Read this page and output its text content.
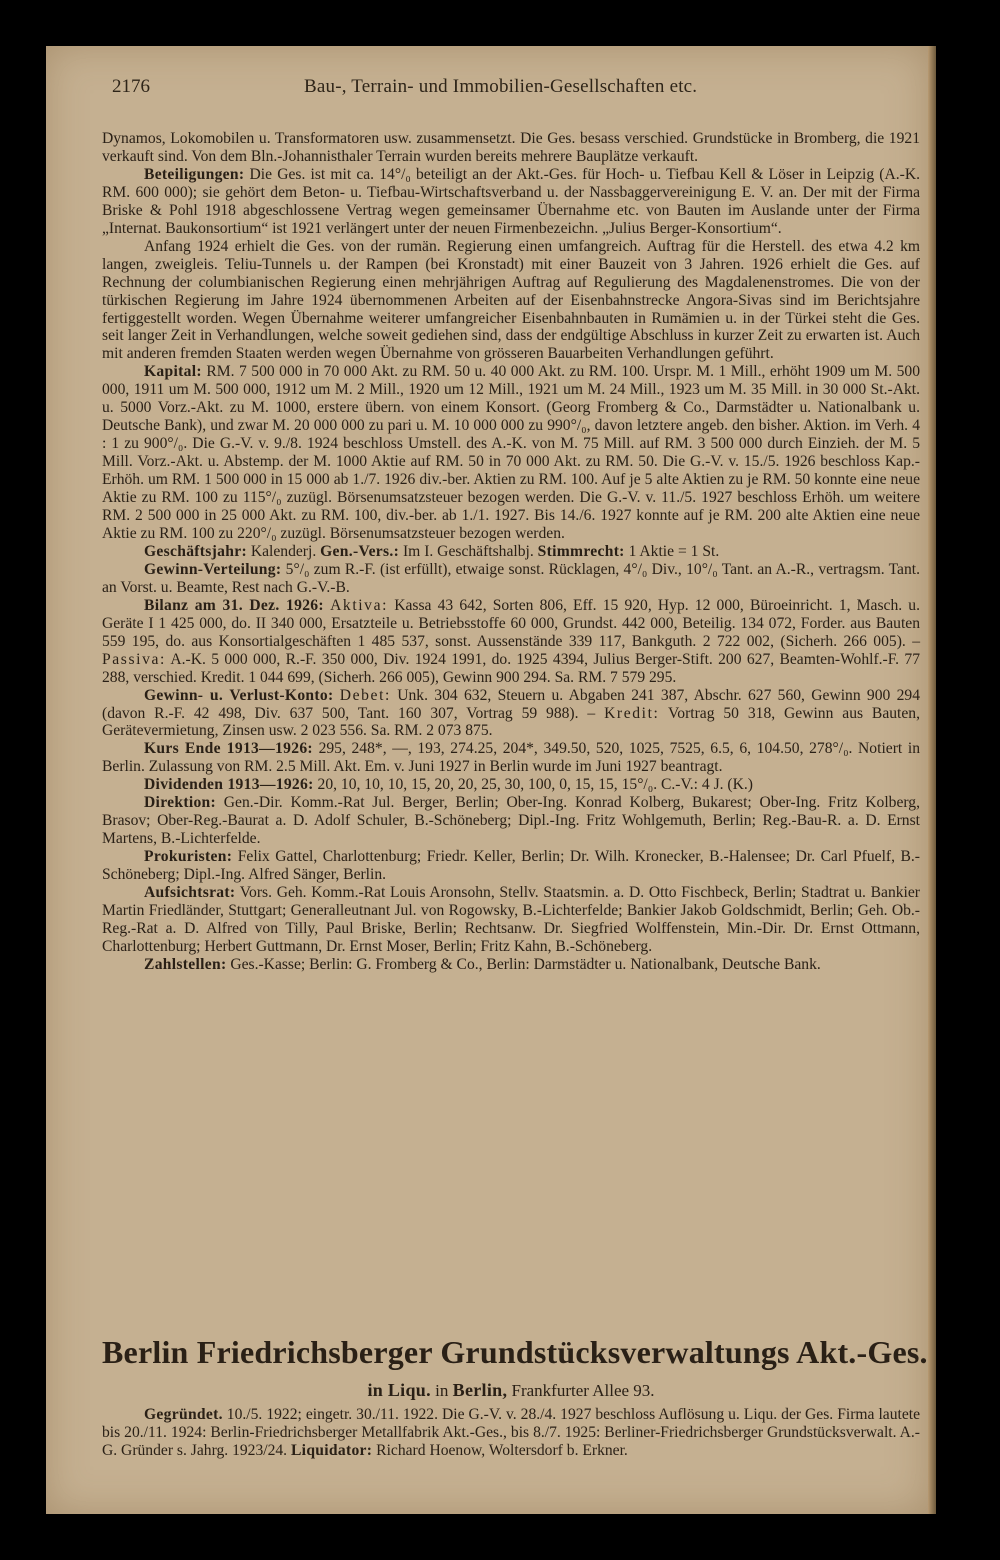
2176	Bau-, Terrain- und Immobilien-Gesellschaften etc.

Dynamos, Lokomobilen u. Transformatoren usw. zusammensetzt. Die Ges. besass verschied. Grundstücke in Bromberg, die 1921 verkauft sind. Von dem Bln.-Johannisthaler Terrain wurden bereits mehrere Bauplätze verkauft.

Beteiligungen: Die Ges. ist mit ca. 14°/₀ beteiligt an der Akt.-Ges. für Hoch- u. Tiefbau Kell & Löser in Leipzig (A.-K. RM. 600 000); sie gehört dem Beton- u. Tiefbau-Wirtschaftsverband u. der Nassbaggervereinigung E. V. an. Der mit der Firma Briske & Pohl 1918 abgeschlossene Vertrag wegen gemeinsamer Übernahme etc. von Bauten im Auslande unter der Firma „Internat. Baukonsortium“ ist 1921 verlängert unter der neuen Firmenbezeichn. „Julius Berger-Konsortium“.

Anfang 1924 erhielt die Ges. von der rumän. Regierung einen umfangreich. Auftrag für die Herstell. des etwa 4.2 km langen, zweigleis. Teliu-Tunnels u. der Rampen (bei Kronstadt) mit einer Bauzeit von 3 Jahren. 1926 erhielt die Ges. auf Rechnung der columbianischen Regierung einen mehrjährigen Auftrag auf Regulierung des Magdalenenstromes. Die von der türkischen Regierung im Jahre 1924 übernommenen Arbeiten auf der Eisenbahnstrecke Angora-Sivas sind im Berichtsjahre fertiggestellt worden. Wegen Übernahme weiterer umfangreicher Eisenbahnbauten in Rumämien u. in der Türkei steht die Ges. seit langer Zeit in Verhandlungen, welche soweit gediehen sind, dass der endgültige Abschluss in kurzer Zeit zu erwarten ist. Auch mit anderen fremden Staaten werden wegen Übernahme von grösseren Bauarbeiten Verhandlungen geführt.

Kapital: RM. 7 500 000 in 70 000 Akt. zu RM. 50 u. 40 000 Akt. zu RM. 100. Urspr. M. 1 Mill., erhöht 1909 um M. 500 000, 1911 um M. 500 000, 1912 um M. 2 Mill., 1920 um 12 Mill., 1921 um M. 24 Mill., 1923 um M. 35 Mill. in 30 000 St.-Akt. u. 5000 Vorz.-Akt. zu M. 1000, erstere übern. von einem Konsort. (Georg Fromberg & Co., Darmstädter u. Nationalbank u. Deutsche Bank), und zwar M. 20 000 000 zu pari u. M. 10 000 000 zu 990°/₀, davon letztere angeb. den bisher. Aktion. im Verh. 4 : 1 zu 900°/₀. Die G.-V. v. 9./8. 1924 beschloss Umstell. des A.-K. von M. 75 Mill. auf RM. 3 500 000 durch Einzieh. der M. 5 Mill. Vorz.-Akt. u. Abstemp. der M. 1000 Aktie auf RM. 50 in 70 000 Akt. zu RM. 50. Die G.-V. v. 15./5. 1926 beschloss Kap.-Erhöh. um RM. 1 500 000 in 15 000 ab 1./7. 1926 div.-ber. Aktien zu RM. 100. Auf je 5 alte Aktien zu je RM. 50 konnte eine neue Aktie zu RM. 100 zu 115°/₀ zuzügl. Börsenumsatzsteuer bezogen werden. Die G.-V. v. 11./5. 1927 beschloss Erhöh. um weitere RM. 2 500 000 in 25 000 Akt. zu RM. 100, div.-ber. ab 1./1. 1927. Bis 14./6. 1927 konnte auf je RM. 200 alte Aktien eine neue Aktie zu RM. 100 zu 220°/₀ zuzügl. Börsenumsatzsteuer bezogen werden.

Geschäftsjahr: Kalenderj. Gen.-Vers.: Im I. Geschäftshalbj. Stimmrecht: 1 Aktie = 1 St.

Gewinn-Verteilung: 5°/₀ zum R.-F. (ist erfüllt), etwaige sonst. Rücklagen, 4°/₀ Div., 10°/₀ Tant. an A.-R., vertragsm. Tant. an Vorst. u. Beamte, Rest nach G.-V.-B.

Bilanz am 31. Dez. 1926: Aktiva: Kassa 43 642, Sorten 806, Eff. 15 920, Hyp. 12 000, Büroeinricht. 1, Masch. u. Geräte I 1 425 000, do. II 340 000, Ersatzteile u. Betriebsstoffe 60 000, Grundst. 442 000, Beteilig. 134 072, Forder. aus Bauten 559 195, do. aus Konsortialgeschäften 1 485 537, sonst. Aussenstände 339 117, Bankguth. 2 722 002, (Sicherh. 266 005). – Passiva: A.-K. 5 000 000, R.-F. 350 000, Div. 1924 1991, do. 1925 4394, Julius Berger-Stift. 200 627, Beamten-Wohlf.-F. 77 288, verschied. Kredit. 1 044 699, (Sicherh. 266 005), Gewinn 900 294. Sa. RM. 7 579 295.

Gewinn- u. Verlust-Konto: Debet: Unk. 304 632, Steuern u. Abgaben 241 387, Abschr. 627 560, Gewinn 900 294 (davon R.-F. 42 498, Div. 637 500, Tant. 160 307, Vortrag 59 988). – Kredit: Vortrag 50 318, Gewinn aus Bauten, Gerätevermietung, Zinsen usw. 2 023 556. Sa. RM. 2 073 875.

Kurs Ende 1913—1926: 295, 248*, —, 193, 274.25, 204*, 349.50, 520, 1025, 7525, 6.5, 6, 104.50, 278°/₀. Notiert in Berlin. Zulassung von RM. 2.5 Mill. Akt. Em. v. Juni 1927 in Berlin wurde im Juni 1927 beantragt.

Dividenden 1913—1926: 20, 10, 10, 10, 15, 20, 20, 25, 30, 100, 0, 15, 15, 15°/₀. C.-V.: 4 J. (K.)

Direktion: Gen.-Dir. Komm.-Rat Jul. Berger, Berlin; Ober-Ing. Konrad Kolberg, Bukarest; Ober-Ing. Fritz Kolberg, Brasov; Ober-Reg.-Baurat a. D. Adolf Schuler, B.-Schöneberg; Dipl.-Ing. Fritz Wohlgemuth, Berlin; Reg.-Bau-R. a. D. Ernst Martens, B.-Lichterfelde.

Prokuristen: Felix Gattel, Charlottenburg; Friedr. Keller, Berlin; Dr. Wilh. Kronecker, B.-Halensee; Dr. Carl Pfuelf, B.-Schöneberg; Dipl.-Ing. Alfred Sänger, Berlin.

Aufsichtsrat: Vors. Geh. Komm.-Rat Louis Aronsohn, Stellv. Staatsmin. a. D. Otto Fischbeck, Berlin; Stadtrat u. Bankier Martin Friedländer, Stuttgart; Generalleutnant Jul. von Rogowsky, B.-Lichterfelde; Bankier Jakob Goldschmidt, Berlin; Geh. Ob.-Reg.-Rat a. D. Alfred von Tilly, Paul Briske, Berlin; Rechtsanw. Dr. Siegfried Wolffenstein, Min.-Dir. Dr. Ernst Ottmann, Charlottenburg; Herbert Guttmann, Dr. Ernst Moser, Berlin; Fritz Kahn, B.-Schöneberg.

Zahlstellen: Ges.-Kasse; Berlin: G. Fromberg & Co., Berlin: Darmstädter u. Nationalbank, Deutsche Bank.

Berlin Friedrichsberger Grundstücksverwaltungs Akt.-Ges.
in Liqu. in Berlin, Frankfurter Allee 93.

Gegründet. 10./5. 1922; eingetr. 30./11. 1922. Die G.-V. v. 28./4. 1927 beschloss Auflösung u. Liqu. der Ges. Firma lautete bis 20./11. 1924: Berlin-Friedrichsberger Metallfabrik Akt.-Ges., bis 8./7. 1925: Berliner-Friedrichsberger Grundstücksverwalt. A.-G. Gründer s. Jahrg. 1923/24. Liquidator: Richard Hoenow, Woltersdorf b. Erkner.
